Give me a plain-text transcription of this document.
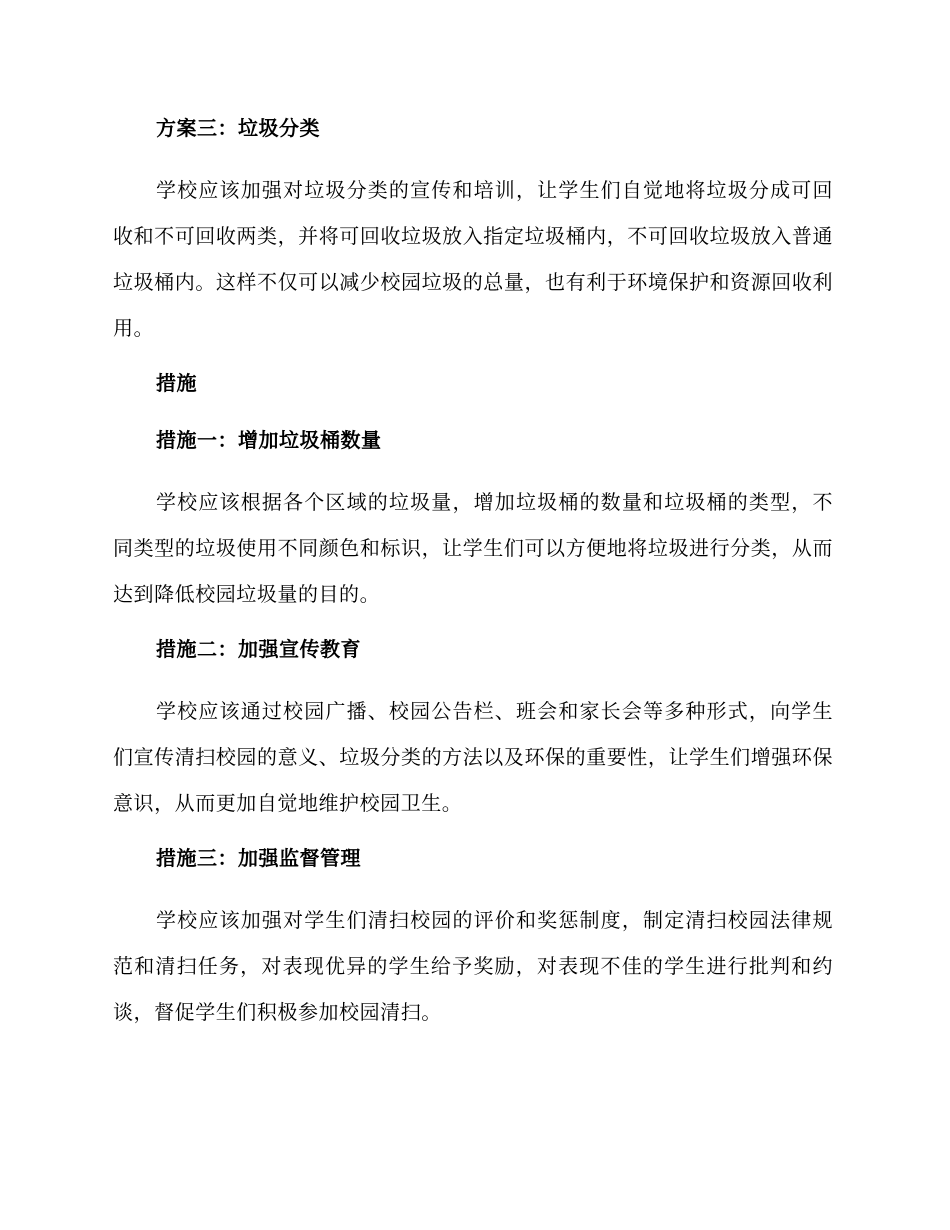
方案三：垃圾分类

学校应该加强对垃圾分类的宣传和培训，让学生们自觉地将垃圾分成可回收和不可回收两类，并将可回收垃圾放入指定垃圾桶内，不可回收垃圾放入普通垃圾桶内。这样不仅可以减少校园垃圾的总量，也有利于环境保护和资源回收利用。

措施
措施一：增加垃圾桶数量

学校应该根据各个区域的垃圾量，增加垃圾桶的数量和垃圾桶的类型，不同类型的垃圾使用不同颜色和标识，让学生们可以方便地将垃圾进行分类，从而达到降低校园垃圾量的目的。

措施二：加强宣传教育

学校应该通过校园广播、校园公告栏、班会和家长会等多种形式，向学生们宣传清扫校园的意义、垃圾分类的方法以及环保的重要性，让学生们增强环保意识，从而更加自觉地维护校园卫生。

措施三：加强监督管理

学校应该加强对学生们清扫校园的评价和奖惩制度，制定清扫校园法律规范和清扫任务，对表现优异的学生给予奖励，对表现不佳的学生进行批判和约谈，督促学生们积极参加校园清扫。
